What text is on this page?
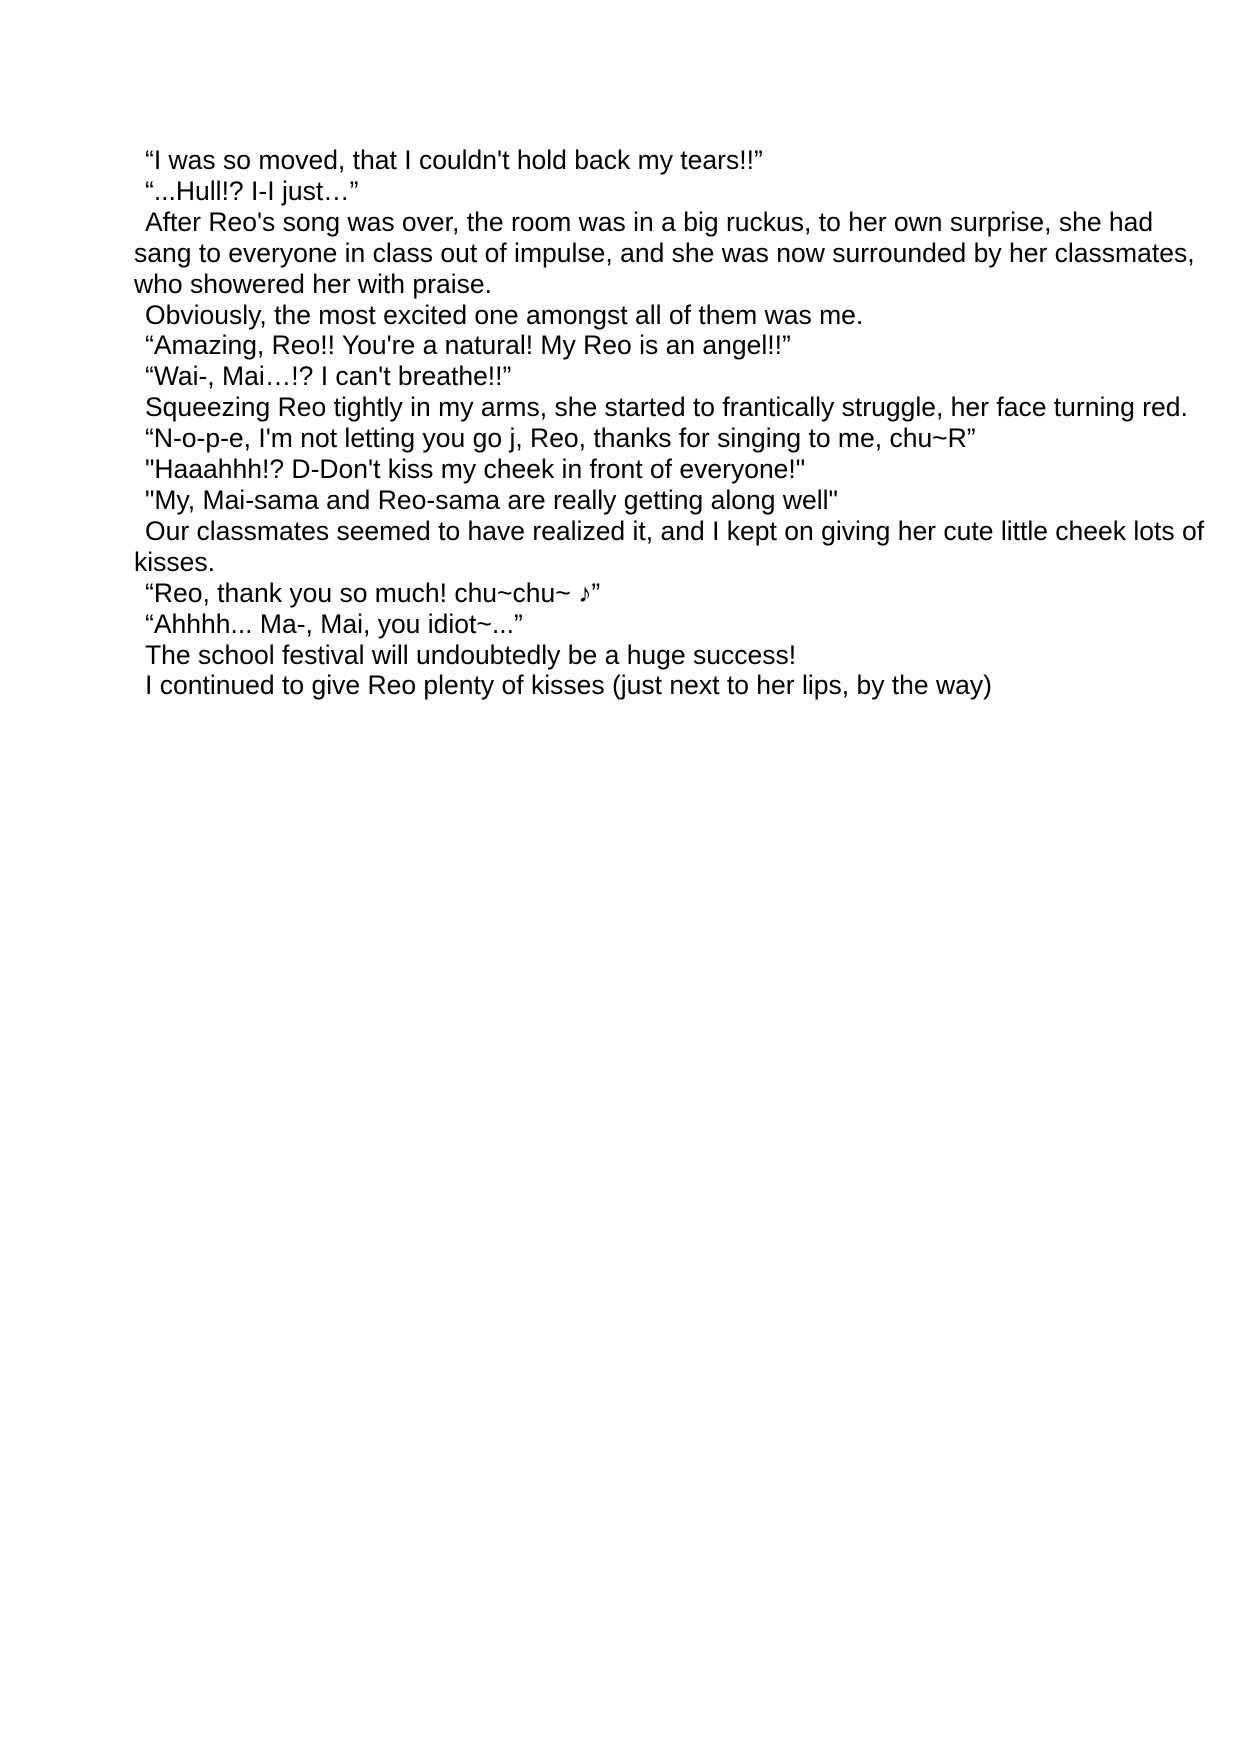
“I was so moved, that I couldn't hold back my tears!!”

“...Hull!? I-I just…”

After Reo's song was over, the room was in a big ruckus, to her own surprise, she had

sang to everyone in class out of impulse, and she was now surrounded by her classmates,

who showered her with praise.

Obviously, the most excited one amongst all of them was me.

“Amazing, Reo!! You're a natural! My Reo is an angel!!”

“Wai-, Mai…!? I can't breathe!!”

Squeezing Reo tightly in my arms, she started to frantically struggle, her face turning red.

“N-o-p-e, I'm not letting you go j, Reo, thanks for singing to me, chu~R”

"Haaahhh!? D-Don't kiss my cheek in front of everyone!"

"My, Mai-sama and Reo-sama are really getting along well"

Our classmates seemed to have realized it, and I kept on giving her cute little cheek lots of

kisses.

“Reo, thank you so much! chu~chu~ ♪”

“Ahhhh... Ma-, Mai, you idiot~...”

The school festival will undoubtedly be a huge success!

I continued to give Reo plenty of kisses (just next to her lips, by the way)
